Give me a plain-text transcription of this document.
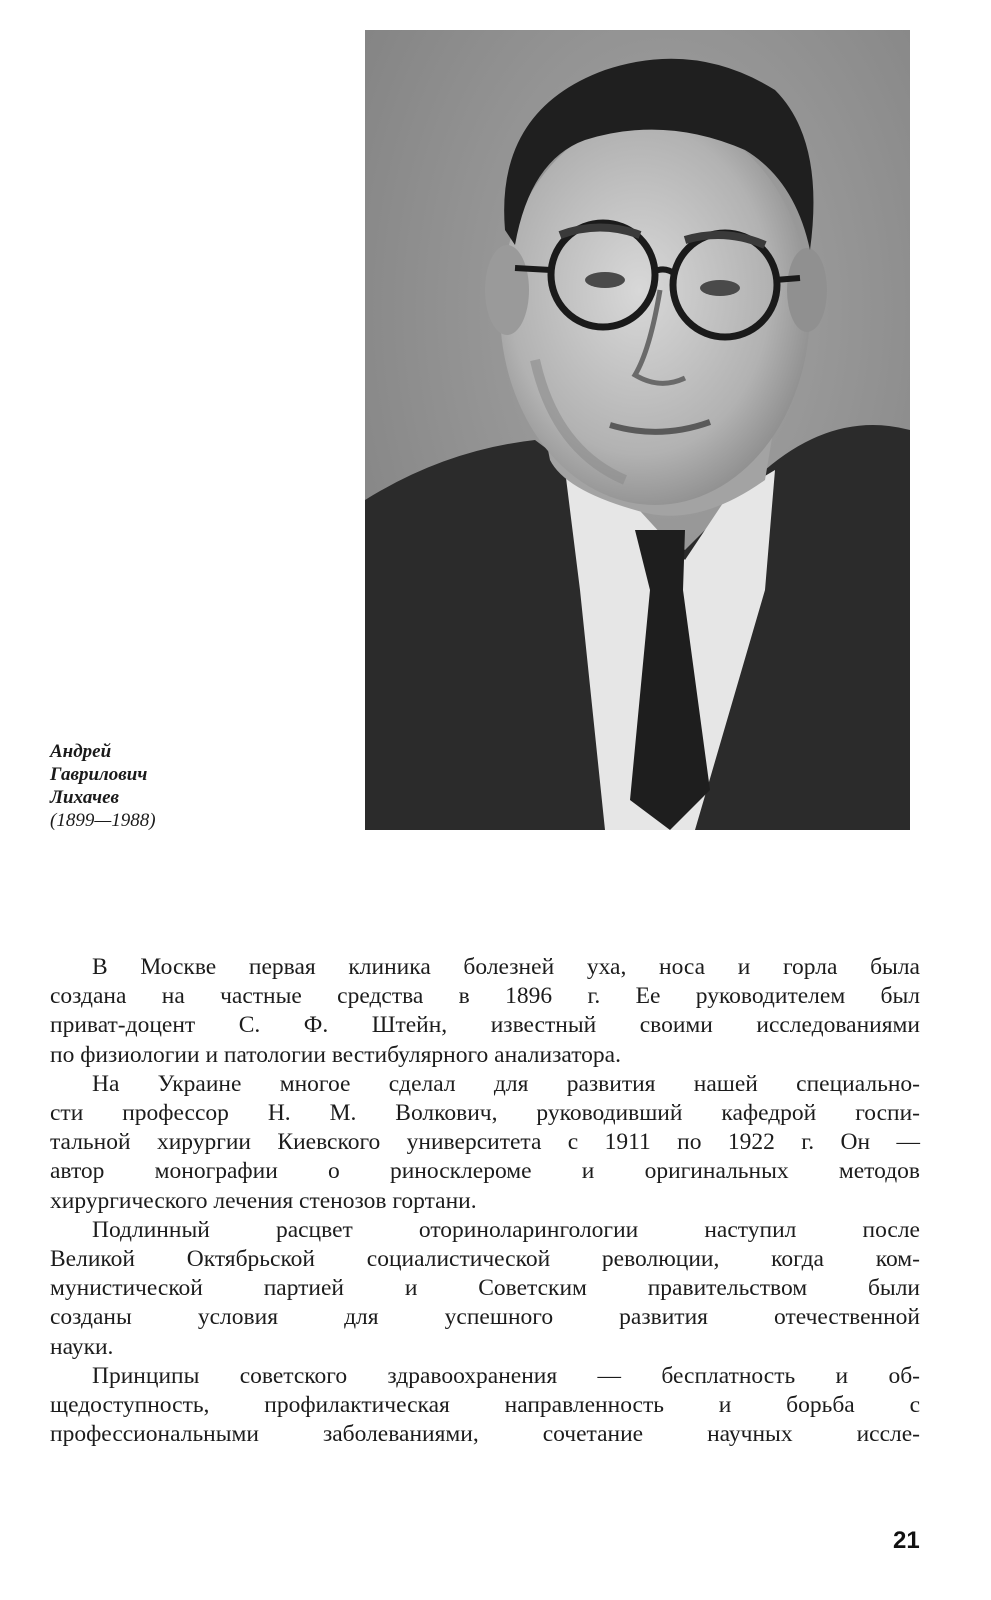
Андрей
Гаврилович
Лихачев
(1899—1988)
В Москве первая клиника болезней уха, носа и горла была
создана на частные средства в 1896 г. Ее руководителем был
приват-доцент С. Ф. Штейн, известный своими исследованиями
по физиологии и патологии вестибулярного анализатора.
На Украине многое сделал для развития нашей специально-
сти профессор Н. М. Волкович, руководивший кафедрой госпи-
тальной хирургии Киевского университета с 1911 по 1922 г. Он —
автор монографии о риносклероме и оригинальных методов
хирургического лечения стенозов гортани.
Подлинный расцвет оториноларингологии наступил после
Великой Октябрьской социалистической революции, когда ком-
мунистической партией и Советским правительством были
созданы условия для успешного развития отечественной
науки.
Принципы советского здравоохранения — бесплатность и об-
щедоступность, профилактическая направленность и борьба с
профессиональными заболеваниями, сочетание научных иссле-
21
